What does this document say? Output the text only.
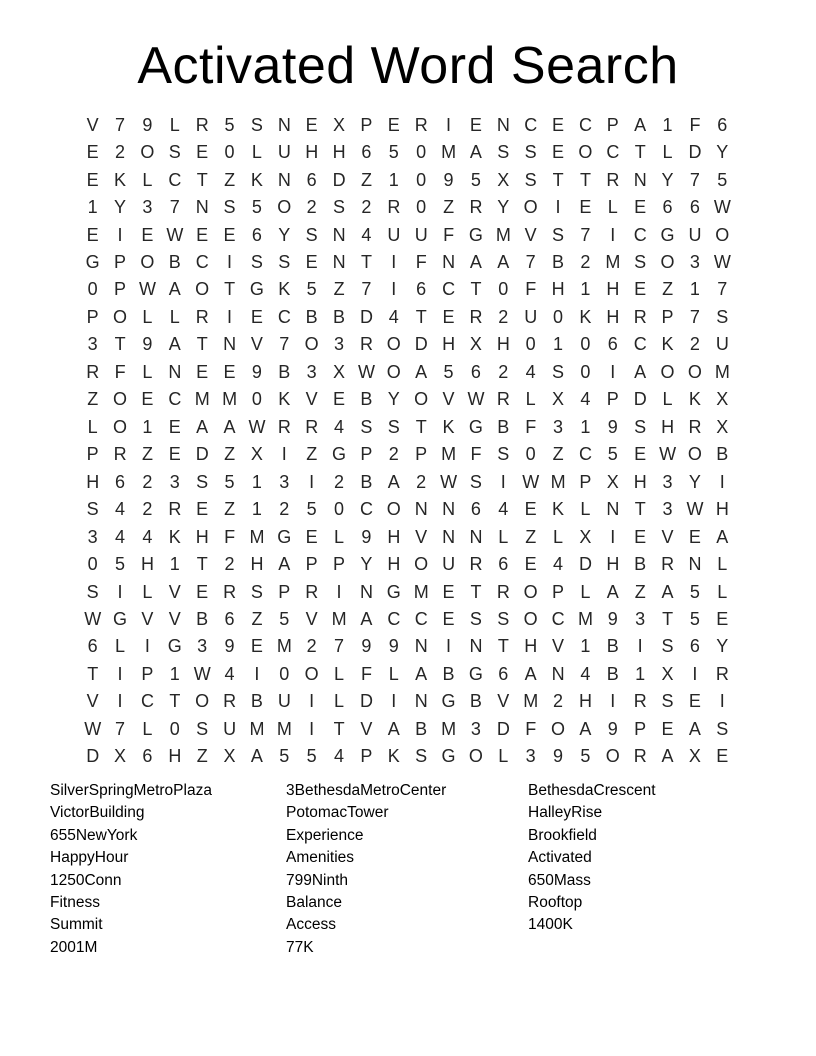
Activated Word Search
V 7 9 L R 5 S N E X P E R	I	E N C E C P A 1 F 6
E 2 O S E 0 L U H H 6 5 0 M A S S E O C T L D Y
E K L C T Z K N 6 D Z 1 0 9 5 X S T T R N Y 7 5
1 Y 3 7 N S 5 O 2 S 2 R 0 Z R Y O I	E L E 6 6 W
E	I	E W E E 6 Y S N 4 U U F G M V S 7	I	C G U O
G P O B C	I	S S E N T	I	F N A A 7 B 2 M S O 3 W
0 P W A O T G K 5 Z 7	I	6 C T 0 F H 1 H E Z 1 7
P O L L R	I	E C B B D 4 T E R 2 U 0 K H R P 7 S
3 T 9 A T N V 7 O 3 R O D H X H 0 1 0 6 C K 2 U
R F L N E E 9 B 3 X W O A 5 6 2 4 S 0	I	A O O M
Z O E C M M 0 K V E B Y O V W R L X 4 P D L K X
L O 1 E A A W R R 4 S S T K G B F 3 1 9 S H R X
P R Z E D Z X	I	Z G P 2 P M F S 0 Z C 5 E W O B
H 6 2 3 S 5 1 3	I	2 B A 2 W S	I W M P X H 3 Y	I
S 4 2 R E Z 1 2 5 0 C O N N 6 4 E K L N T 3 W H
3 4 4 K H F M G E L 9 H V N N L Z L X	I	E V E A
0 5 H 1 T 2 H A P P Y H O U R 6 E 4 D H B R N L
S	I	L V E R S P R	I	N G M E T R O P L A Z A 5 L
W G V V B 6 Z 5 V M A C C E S S O C M 9 3 T 5 E
6 L	I G 3 9 E M 2 7 9 9 N	I	N T H V 1 B	I	S 6 Y
T	I	P 1 W 4	I	0 O L F L A B G 6 A N 4 B 1 X	I	R
V	I	C T O R B U	I	L D	I	N G B V M 2 H	I	R S E	I
W 7 L 0 S U M M I	T V A B M 3 D F O A 9 P E A S
D X 6 H Z X A 5 5 4 P K S G O L 3 9 5 O R A X E
SilverSpringMetroPlaza
VictorBuilding
655NewYork
HappyHour
1250Conn
Fitness
Summit
2001M
3BethesdaMetroCenter
PotomacTower
Experience
Amenities
799Ninth
Balance
Access
77K
BethesdaCrescent
HalleyRise
Brookfield
Activated
650Mass
Rooftop
1400K
